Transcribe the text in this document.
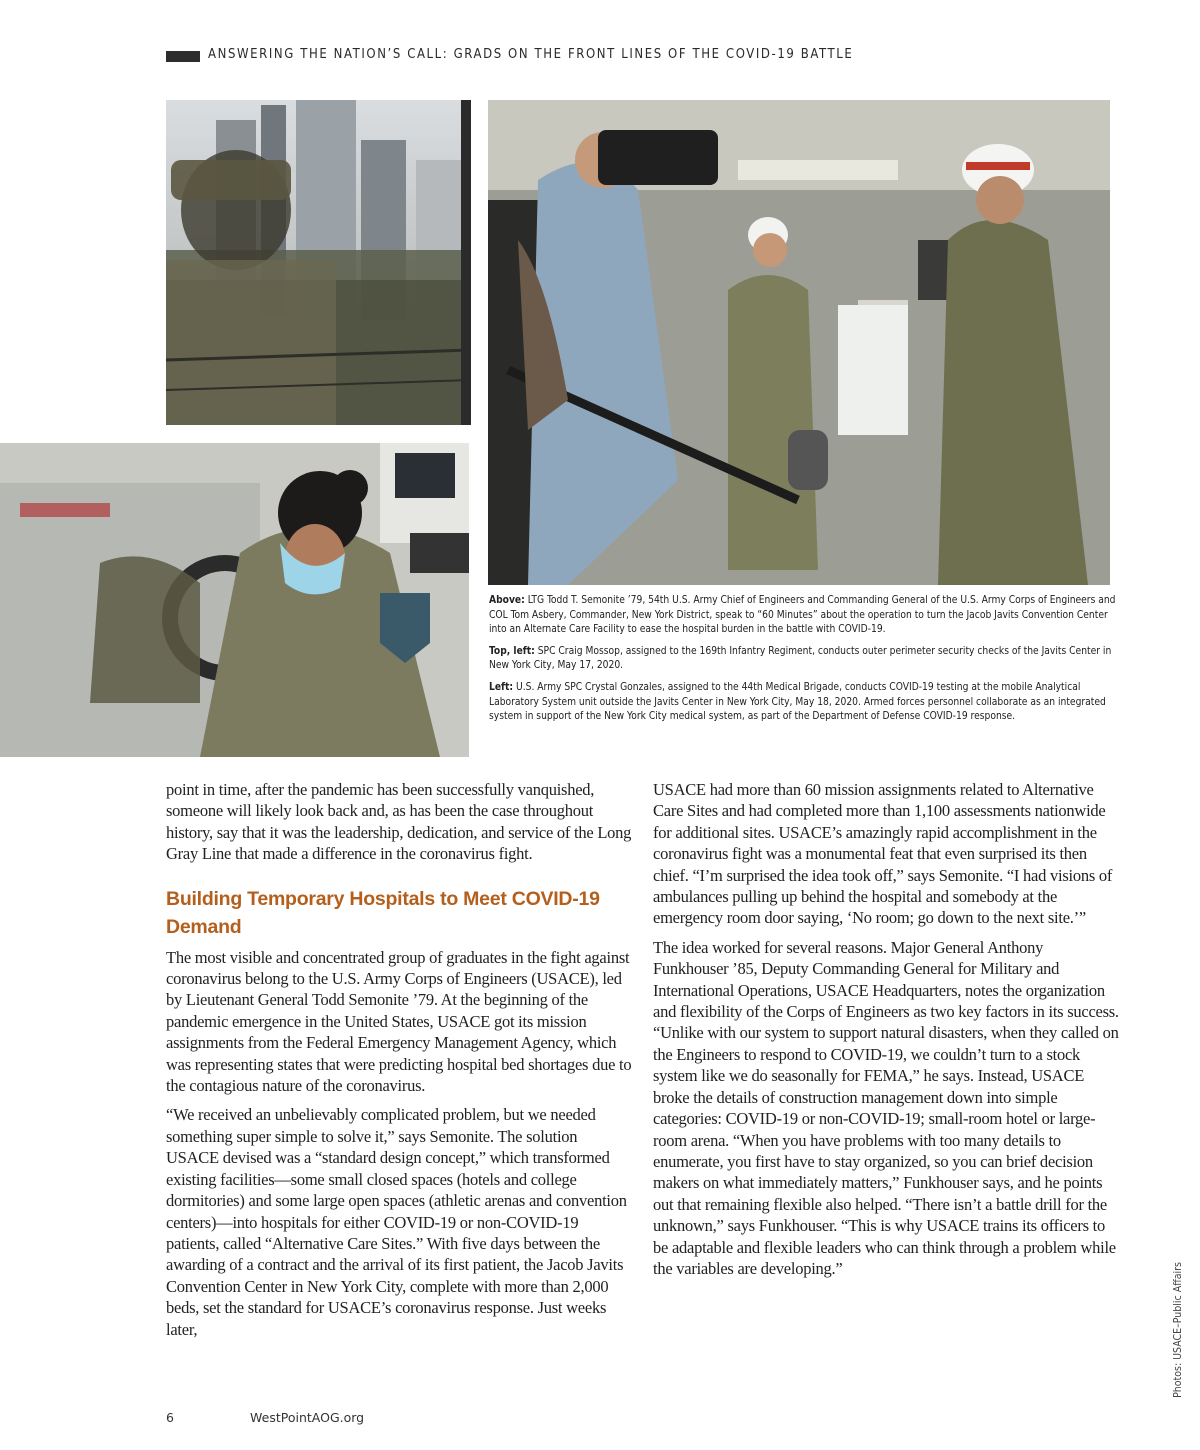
ANSWERING THE NATION’S CALL: GRADS ON THE FRONT LINES OF THE COVID-19 BATTLE

Above: LTG Todd T. Semonite ’79, 54th U.S. Army Chief of Engineers and Commanding General of the U.S. Army Corps of Engineers and COL Tom Asbery, Commander, New York District, speak to “60 Minutes” about the operation to turn the Jacob Javits Convention Center into an Alternate Care Facility to ease the hospital burden in the battle with COVID-19.

Top, left: SPC Craig Mossop, assigned to the 169th Infantry Regiment, conducts outer perimeter security checks of the Javits Center in New York City, May 17, 2020.

Left: U.S. Army SPC Crystal Gonzales, assigned to the 44th Medical Brigade, conducts COVID-19 testing at the mobile Analytical Laboratory System unit outside the Javits Center in New York City, May 18, 2020. Armed forces personnel collaborate as an integrated system in support of the New York City medical system, as part of the Department of Defense COVID-19 response.

point in time, after the pandemic has been successfully vanquished, someone will likely look back and, as has been the case throughout history, say that it was the leadership, dedication, and service of the Long Gray Line that made a difference in the coronavirus fight.

Building Temporary Hospitals to Meet COVID-19 Demand

The most visible and concentrated group of graduates in the fight against coronavirus belong to the U.S. Army Corps of Engineers (USACE), led by Lieutenant General Todd Semonite ’79. At the beginning of the pandemic emergence in the United States, USACE got its mission assignments from the Federal Emergency Management Agency, which was representing states that were predicting hospital bed shortages due to the contagious nature of the coronavirus.

“We received an unbelievably complicated problem, but we needed something super simple to solve it,” says Semonite. The solution USACE devised was a “standard design concept,” which transformed existing facilities—some small closed spaces (hotels and college dormitories) and some large open spaces (athletic arenas and convention centers)—into hospitals for either COVID-19 or non-COVID-19 patients, called “Alternative Care Sites.” With five days between the awarding of a contract and the arrival of its first patient, the Jacob Javits Convention Center in New York City, complete with more than 2,000 beds, set the standard for USACE’s coronavirus response. Just weeks later,

USACE had more than 60 mission assignments related to Alternative Care Sites and had completed more than 1,100 assessments nationwide for additional sites. USACE’s amazingly rapid accomplishment in the coronavirus fight was a monumental feat that even surprised its then chief. “I’m surprised the idea took off,” says Semonite. “I had visions of ambulances pulling up behind the hospital and somebody at the emergency room door saying, ‘No room; go down to the next site.’”

The idea worked for several reasons. Major General Anthony Funkhouser ’85, Deputy Commanding General for Military and International Operations, USACE Headquarters, notes the organization and flexibility of the Corps of Engineers as two key factors in its success. “Unlike with our system to support natural disasters, when they called on the Engineers to respond to COVID-19, we couldn’t turn to a stock system like we do seasonally for FEMA,” he says. Instead, USACE broke the details of construction management down into simple categories: COVID-19 or non-COVID-19; small-room hotel or large-room arena. “When you have problems with too many details to enumerate, you first have to stay organized, so you can brief decision makers on what immediately matters,” Funkhouser says, and he points out that remaining flexible also helped. “There isn’t a battle drill for the unknown,” says Funkhouser. “This is why USACE trains its officers to be adaptable and flexible leaders who can think through a problem while the variables are developing.”	Photos: USACE–Public Affairs
6	WestPointAOG.org
